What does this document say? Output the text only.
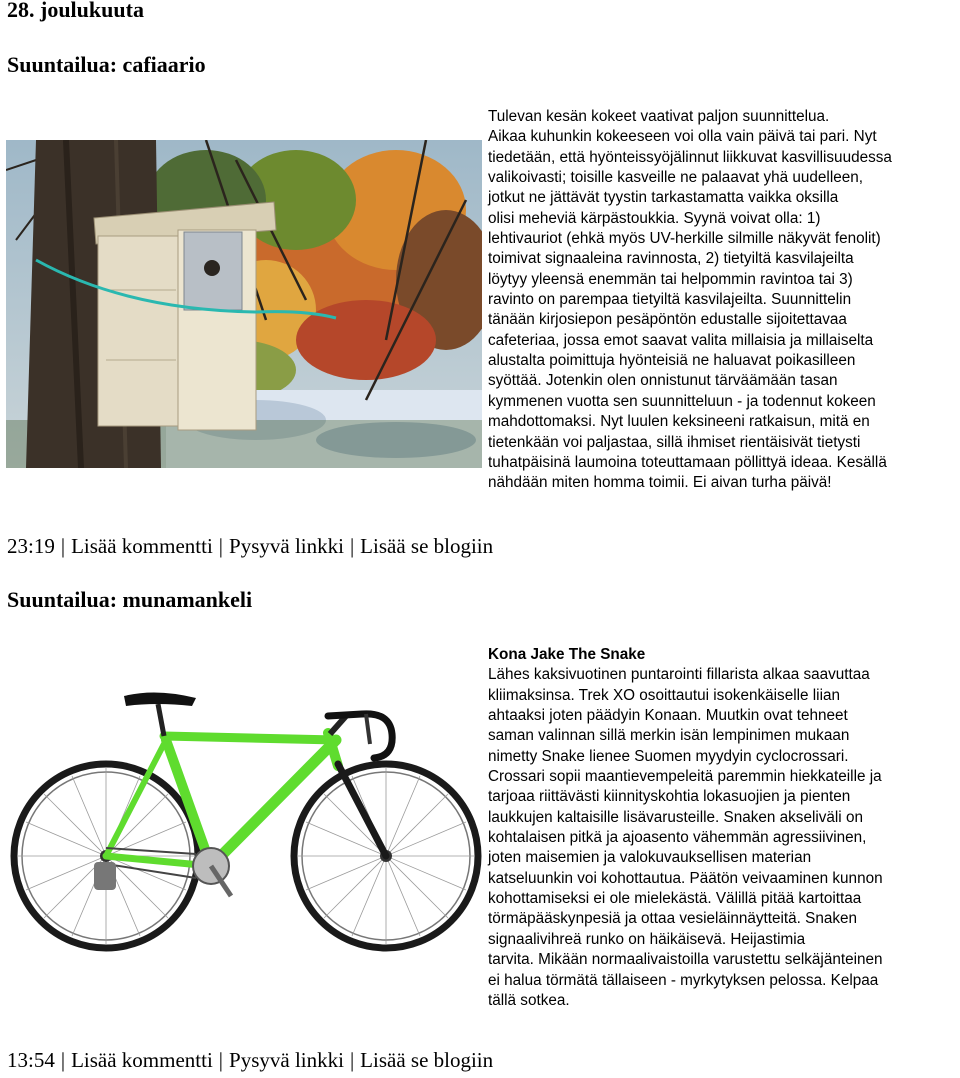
28. joulukuuta
Suuntailua: cafiaario

Tulevan kesän kokeet vaativat paljon suunnittelua.
Aikaa kuhunkin kokeeseen voi olla vain päivä tai pari. Nyt
tiedetään, että hyönteissyöjälinnut liikkuvat kasvillisuudessa
valikoivasti; toisille kasveille ne palaavat yhä uudelleen,
jotkut ne jättävät tyystin tarkastamatta vaikka oksilla
olisi meheviä kärpästoukkia. Syynä voivat olla: 1)
lehtivauriot (ehkä myös UV-herkille silmille näkyvät fenolit)
toimivat signaaleina ravinnosta, 2) tietyiltä kasvilajeilta
löytyy yleensä enemmän tai helpommin ravintoa tai 3)
ravinto on parempaa tietyiltä kasvilajeilta. Suunnittelin
tänään kirjosiepon pesäpöntön edustalle sijoitettavaa
cafeteriaa, jossa emot saavat valita millaisia ja millaiselta
alustalta poimittuja hyönteisiä ne haluavat poikasilleen
syöttää. Jotenkin olen onnistunut tärväämään tasan
kymmenen vuotta sen suunnitteluun - ja todennut kokeen
mahdottomaksi. Nyt luulen keksineeni ratkaisun, mitä en
tietenkään voi paljastaa, sillä ihmiset rientäisivät tietysti
tuhatpäisinä laumoina toteuttamaan pöllittyä ideaa. Kesällä
nähdään miten homma toimii. Ei aivan turha päivä!

23:19 | Lisää kommentti | Pysyvä linkki | Lisää se blogiin
Suuntailua: munamankeli

Kona Jake The Snake
Lähes kaksivuotinen puntarointi fillarista alkaa saavuttaa
kliimaksinsa. Trek XO osoittautui isokenkäiselle liian
ahtaaksi joten päädyin Konaan. Muutkin ovat tehneet
saman valinnan sillä merkin isän lempinimen mukaan
nimetty Snake lienee Suomen myydyin cyclocrossari.
Crossari sopii maantievempeleitä paremmin hiekkateille ja
tarjoaa riittävästi kiinnityskohtia lokasuojien ja pienten
laukkujen kaltaisille lisävarusteille. Snaken akseliväli on
kohtalaisen pitkä ja ajoasento vähemmän agressiivinen,
joten maisemien ja valokuvauksellisen materian
katseluunkin voi kohottautua. Päätön veivaaminen kunnon
kohottamiseksi ei ole mielekästä. Välillä pitää kartoittaa
törmäpääskynpesiä ja ottaa vesieläinnäytteitä. Snaken
signaalivihreä runko on häikäisevä. Heijastimia
tarvita. Mikään normaalivaistoilla varustettu selkäjänteinen
ei halua törmätä tällaiseen - myrkytyksen pelossa. Kelpaa
tällä sotkea.

13:54 | Lisää kommentti | Pysyvä linkki | Lisää se blogiin
